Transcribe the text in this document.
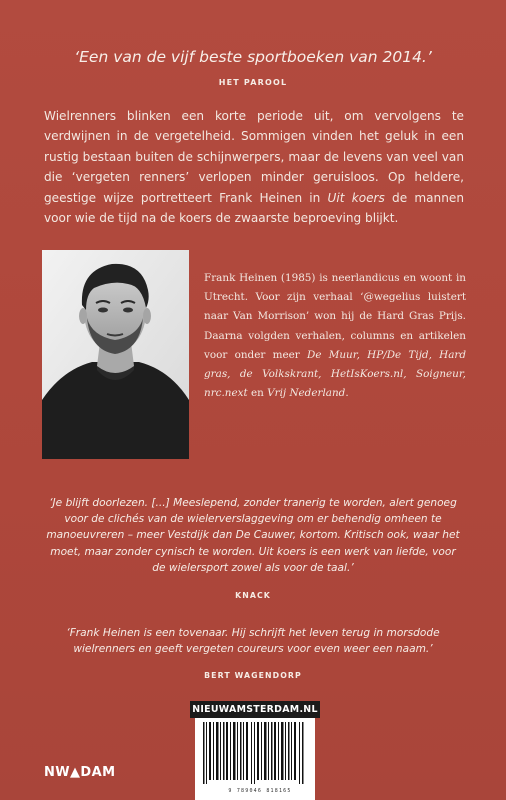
‘Een van de vijf beste sportboeken van 2014.’
HET PAROOL

Wielrenners blinken een korte periode uit, om vervolgens te verdwijnen in de vergetelheid. Sommigen vinden het geluk in een rustig bestaan buiten de schijnwerpers, maar de levens van veel van die ‘vergeten renners’ verlopen minder geruisloos. Op heldere, geestige wijze portretteert Frank Heinen in Uit koers de mannen voor wie de tijd na de koers de zwaarste beproeving blijkt.

Frank Heinen (1985) is neerlandicus en woont in Utrecht. Voor zijn verhaal ‘@wegelius luistert naar Van Morrison’ won hij de Hard Gras Prijs. Daarna volgden verhalen, columns en artikelen voor onder meer De Muur, HP/De Tijd, Hard gras, de Volkskrant, HetIsKoers.nl, Soigneur, nrc.next en Vrij Nederland.

‘Je blijft doorlezen. [...] Meeslepend, zonder tranerig te worden, alert genoeg voor de clichés van de wielerverslaggeving om er behendig omheen te manoeuvreren – meer Vestdijk dan De Cauwer, kortom. Kritisch ook, waar het moet, maar zonder cynisch te worden. Uit koers is een werk van liefde, voor de wielersport zowel als voor de taal.’

KNACK

‘Frank Heinen is een tovenaar. Hij schrijft het leven terug in morsdode wielrenners en geeft vergeten coureurs voor even weer een naam.’

BERT WAGENDORP
NIEUWAMSTERDAM.NL
9 789046 818165
NW▲DAM
